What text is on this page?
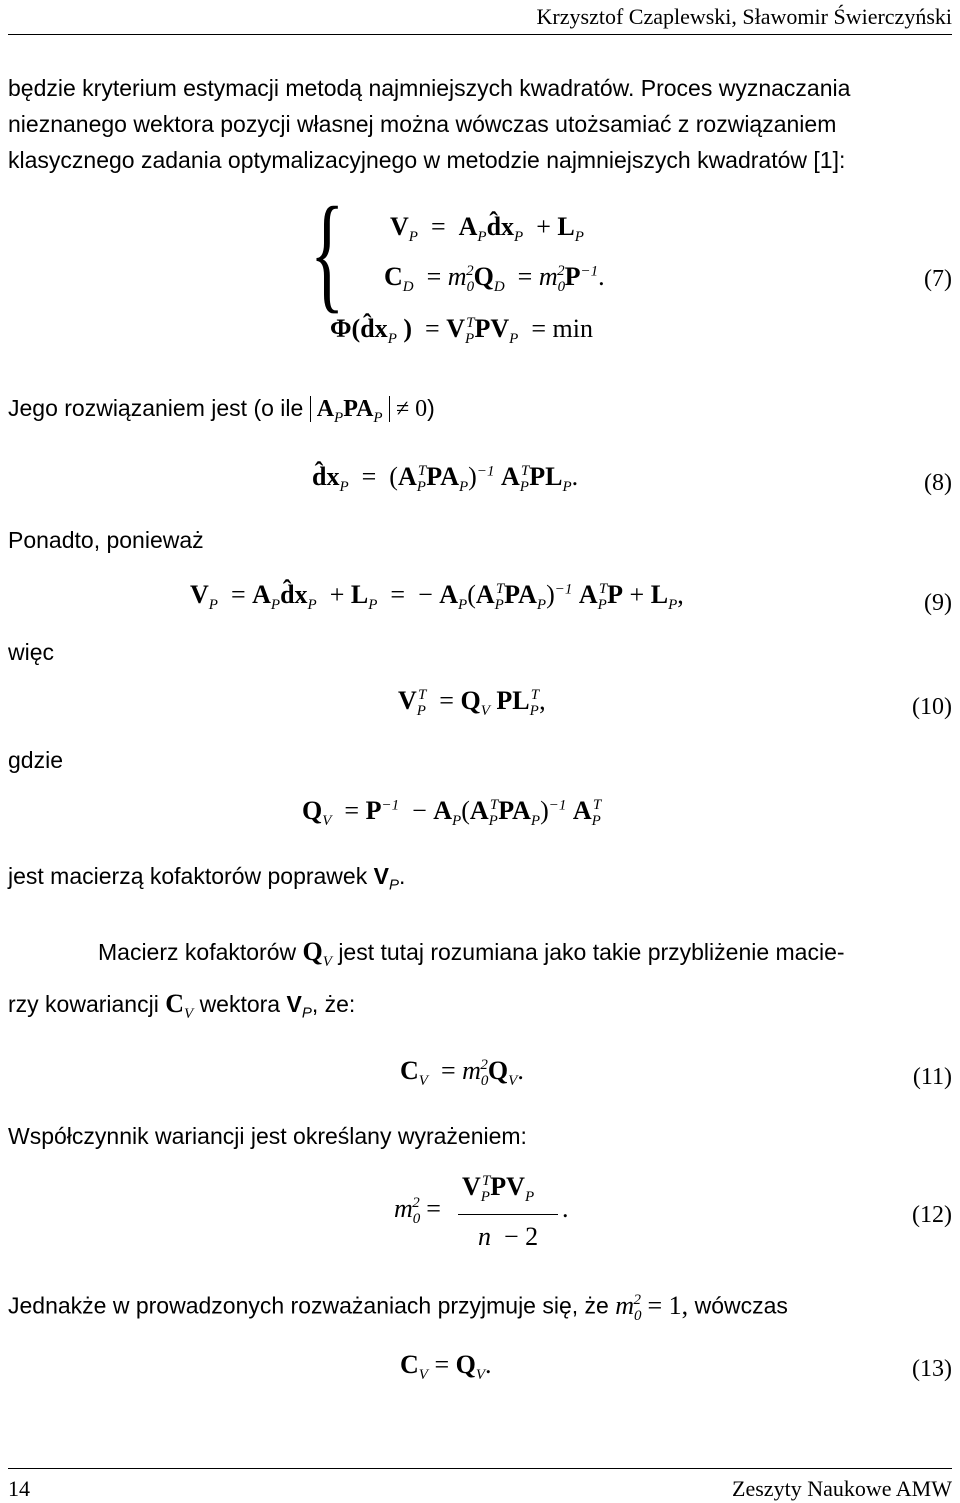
Krzysztof Czaplewski, Sławomir Świerczyński
będzie kryterium estymacji metodą najmniejszych kwadratów. Proces wyznaczania
nieznanego wektora pozycji własnej można wówczas utożsamiać z rozwiązaniem
klasycznego zadania optymalizacyjnego w metodzie najmniejszych kwadratów [1]:
{ $V_P$  =  $A_Pd̂x_P + L_P$
$C_D = m_0^2Q_D = m_0^2P^{-1}$.
$\Phi(d̂x_P$ )  = $V_P^TPV_P = \min$
(7)
Jego rozwiązaniem jest (o ile $A_PPA_P \ne 0$)
$d̂x_P = (A_P^TPA_P)^{-1}$ $A_P^TPL_P$.	(8)
Ponadto, ponieważ
$V_P$  = $A_Pd̂x_P + L_P$  =  − $A_P(A_P^TPA_P)^{-1}$ $A_P^TP + L_P$,	(9)
więc
$V_P^T = Q_V$ $PL_P^T$,	(10)
gdzie
$Q_V = P^{-1} - A_P(A_P^TPA_P)^{-1}$ $A_P^T$
jest macierzą kofaktorów poprawek $V_P$.
Macierz kofaktorów $Q_V$ jest tutaj rozumiana jako takie przybliżenie macie-
rzy kowariancji $C_V$ wektora $V_P$, że:
$C_V = m_0^2Q_V$.	(11)
Współczynnik wariancji jest określany wyrażeniem:
$m_0^2$ =
$V_P^TPV_P$
n  − 2
.	(12)
Jednakże w prowadzonych rozważaniach przyjmuje się, że $m_0^2 = 1$, wówczas
$C_V = Q_V$.	(13)
14	Zeszyty Naukowe AMW
